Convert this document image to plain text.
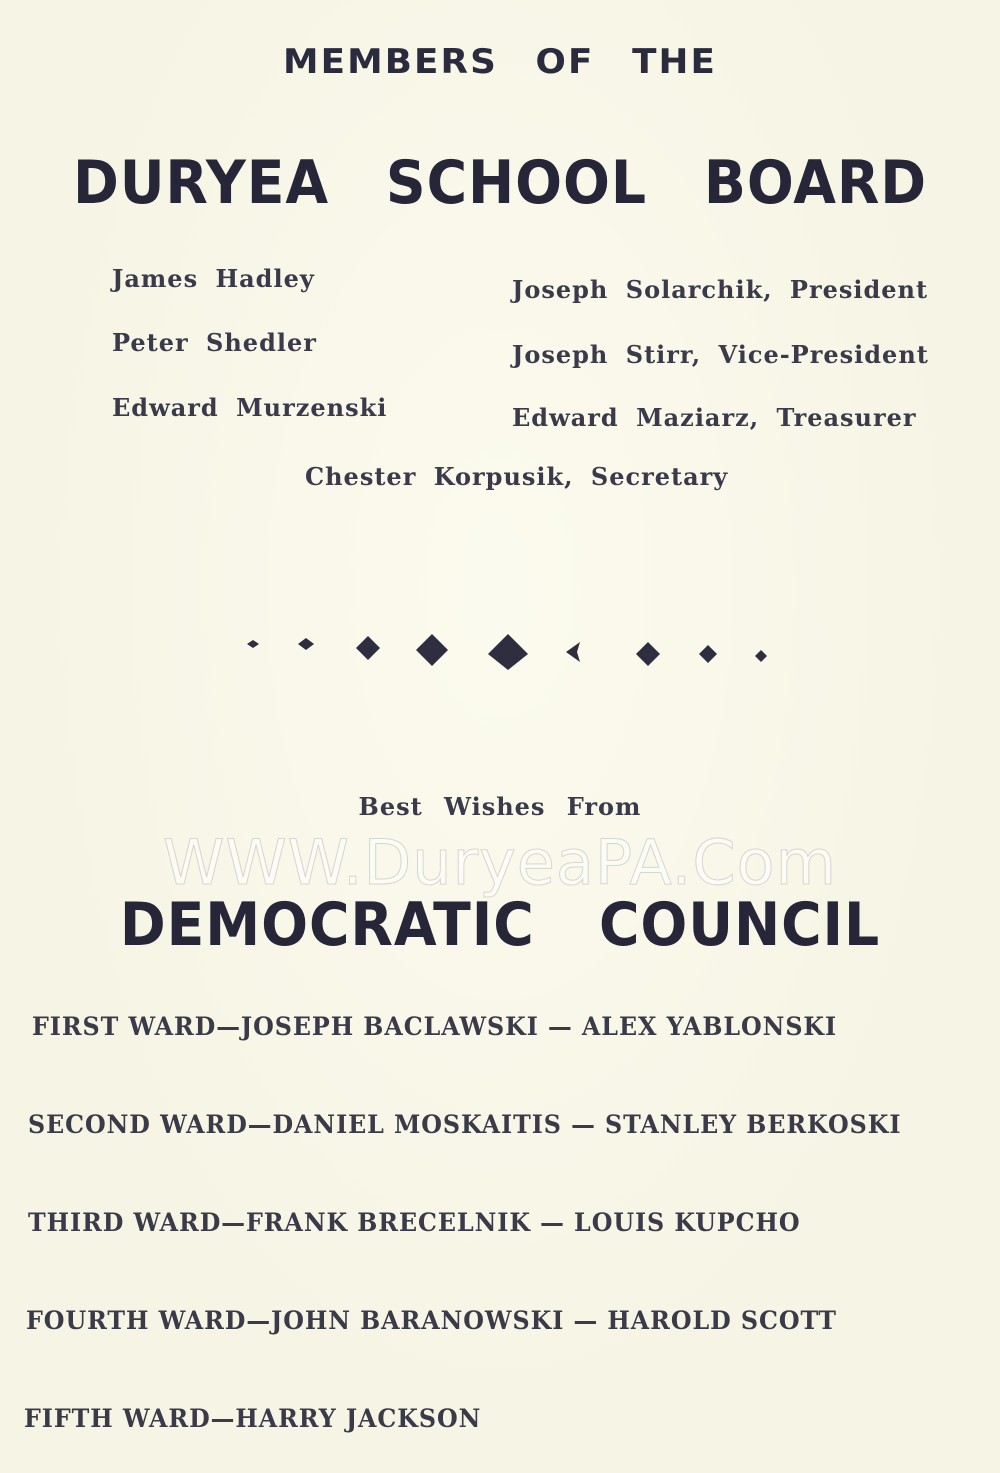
MEMBERS OF THE
DURYEA SCHOOL BOARD
James Hadley	Joseph Solarchik, President
Peter Shedler	Joseph Stirr, Vice-President
Edward Murzenski	Edward Maziarz, Treasurer
Chester Korpusik, Secretary
Best Wishes From
WWW.DuryeaPA.Com
DEMOCRATIC COUNCIL
FIRST WARD—JOSEPH BACLAWSKI — ALEX YABLONSKI
SECOND WARD—DANIEL MOSKAITIS — STANLEY BERKOSKI
THIRD WARD—FRANK BRECELNIK — LOUIS KUPCHO
FOURTH WARD—JOHN BARANOWSKI — HAROLD SCOTT
FIFTH WARD—HARRY JACKSON
